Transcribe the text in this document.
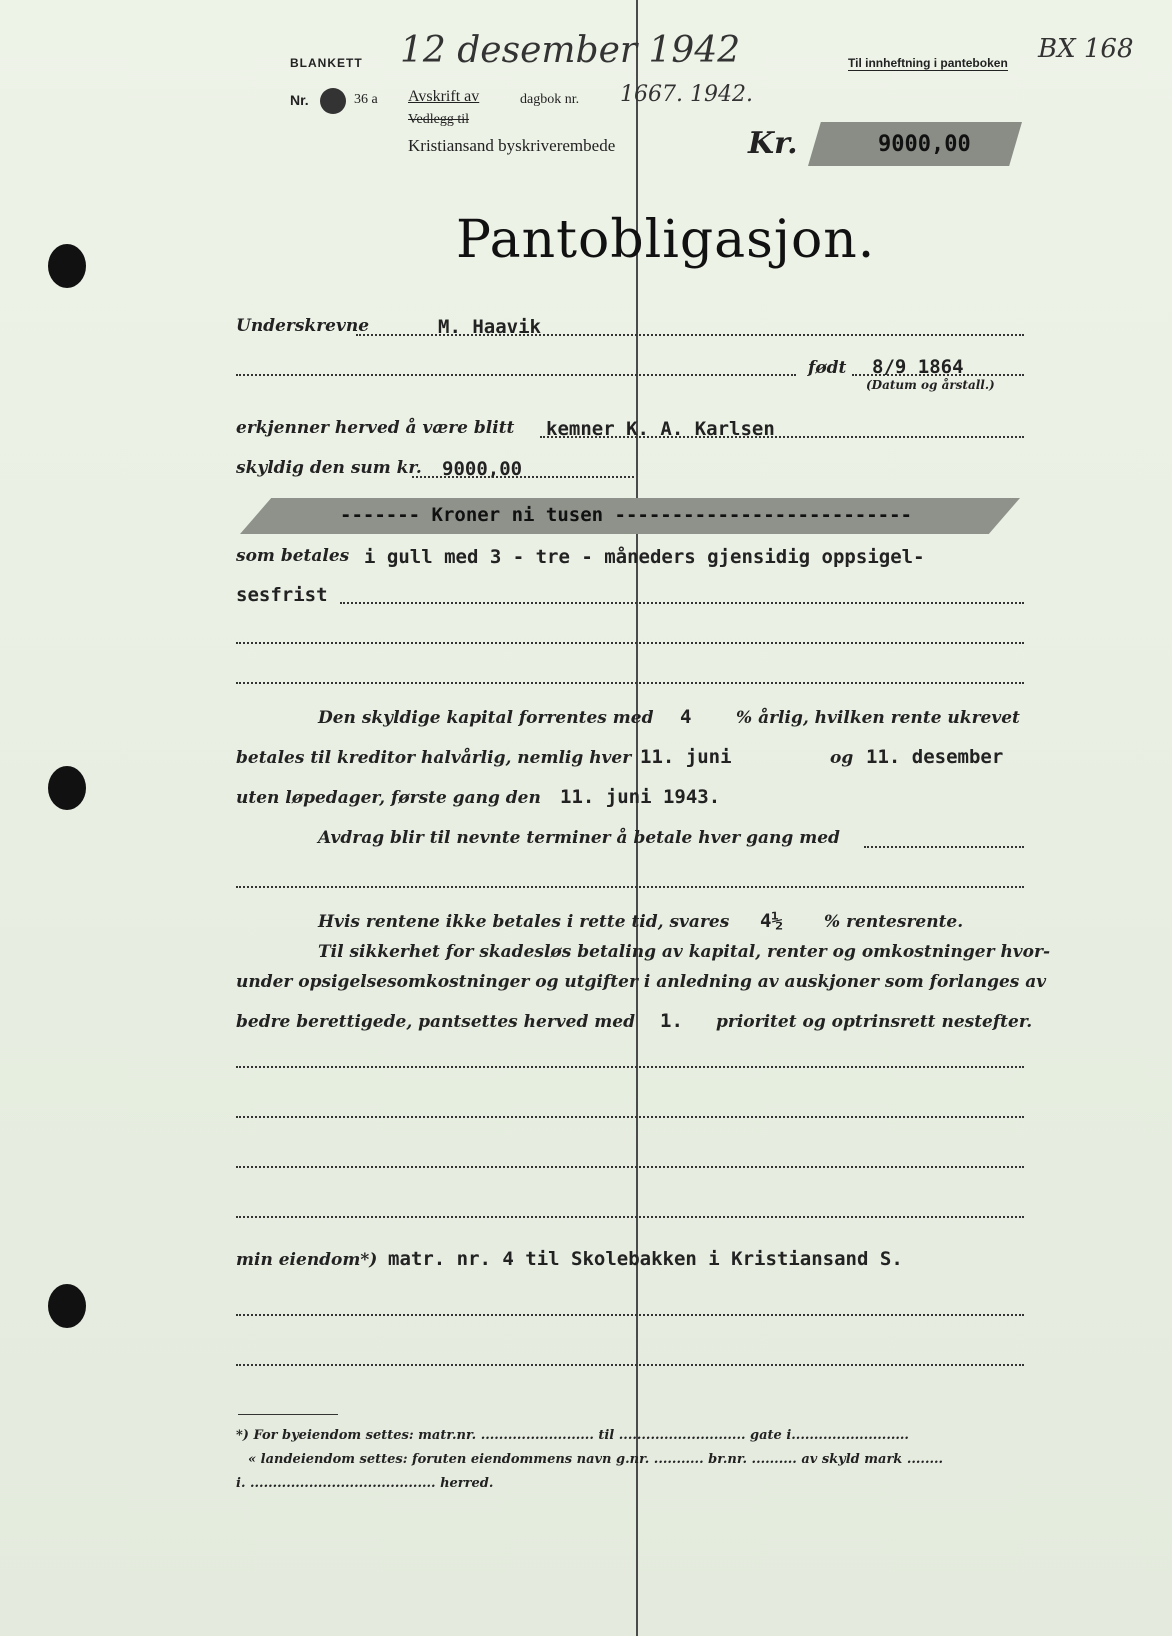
BLANKETT 12 desember 1942	Til innheftning i panteboken BX 168
Nr.	36 a Avskrift av
Vedlegg til
dagbok nr. 1667. 1942.
Kristiansand byskriverembede	Kr.	9000,00
Pantobligasjon.
Underskrevne	M. Haavik
født 8/9 1864
(Datum og årstall.)
erkjenner herved å være blitt kemner K. A. Karlsen
skyldig den sum kr. 9000,00
------- Kroner ni tusen --------------------------
som betales i gull med 3 - tre - måneders gjensidig oppsigel-
sesfrist
Den skyldige kapital forrentes med 4	% årlig, hvilken rente ukrevet
betales til kreditor halvårlig, nemlig hver 11. juni	og 11. desember
uten løpedager, første gang den 11. juni 1943.
Avdrag blir til nevnte terminer å betale hver gang med
Hvis rentene ikke betales i rette tid, svares 4½ % rentesrente.
Til sikkerhet for skadesløs betaling av kapital, renter og omkostninger hvor-
under opsigelsesomkostninger og utgifter i anledning av auskjoner som forlanges av
bedre berettigede, pantsettes herved med 1. prioritet og optrinsrett nestefter.
min eiendom*) matr. nr. 4 til Skolebakken i Kristiansand S.
*) For byeiendom settes: matr.nr. ......................... til ............................ gate i..........................
« landeiendom settes: foruten eiendommens navn g.nr. ........... br.nr. .......... av skyld mark ........
i. ......................................... herred.
